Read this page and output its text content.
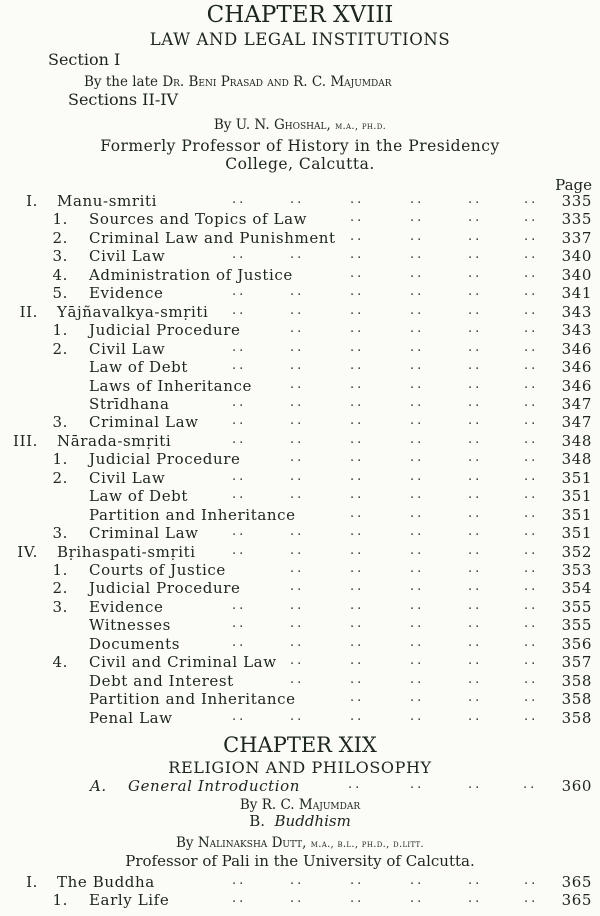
CHAPTER XVIII
LAW AND LEGAL INSTITUTIONS
Section I
By the late Dr. Beni Prasad and R. C. Majumdar
Sections II-IV
By U. N. Ghoshal, m.a., ph.d.
Formerly Professor of History in the Presidency
College, Calcutta.
Page
I. Manu-smriti	335
..	..	..	..	..	..
1. Sources and Topics of Law	335
..	..	..	..
2. Criminal Law and Punishment	337
..	..	..	..
3. Civil Law	340
..	..	..	..	..	..
4. Administration of Justice	340
..	..	..	..
5. Evidence	341
..	..	..	..	..	..
II. Yājñavalkya-smṛiti	343
..	..	..	..	..	..
1. Judicial Procedure	343
..	..	..	..	..
2. Civil Law	346
..	..	..	..	..	..
Law of Debt	346
..	..	..	..	..	..
Laws of Inheritance	346
..	..	..	..	..
Strīdhana	347
..	..	..	..	..	..
3. Criminal Law	347
..	..	..	..	..	..
III. Nārada-smṛiti	348
..	..	..	..	..	..
1. Judicial Procedure	348
..	..	..	..	..
2. Civil Law	351
..	..	..	..	..	..
Law of Debt	351
..	..	..	..	..	..
Partition and Inheritance	351
..	..	..	..
3. Criminal Law	351
..	..	..	..	..	..
IV. Bṛihaspati-smṛiti	352
..	..	..	..	..	..
1. Courts of Justice	353
..	..	..	..	..
2. Judicial Procedure	354
..	..	..	..	..
3. Evidence	355
..	..	..	..	..	..
Witnesses	355
..	..	..	..	..	..
Documents	356
..	..	..	..	..	..
4. Civil and Criminal Law	357
..	..	..	..	..
Debt and Interest	358
..	..	..	..	..
Partition and Inheritance	358
..	..	..	..
Penal Law	358
..	..	..	..	..	..
CHAPTER XIX
RELIGION AND PHILOSOPHY
A. General Introduction	..	..	..	.. 360
By R. C. Majumdar
B. Buddhism
By Nalinaksha Dutt, m.a., b.l., ph.d., d.litt.
Professor of Pali in the University of Calcutta.
I. The Buddha	365
..	..	..	..	..	..
1. Early Life	365
..	..	..	..	..	..
